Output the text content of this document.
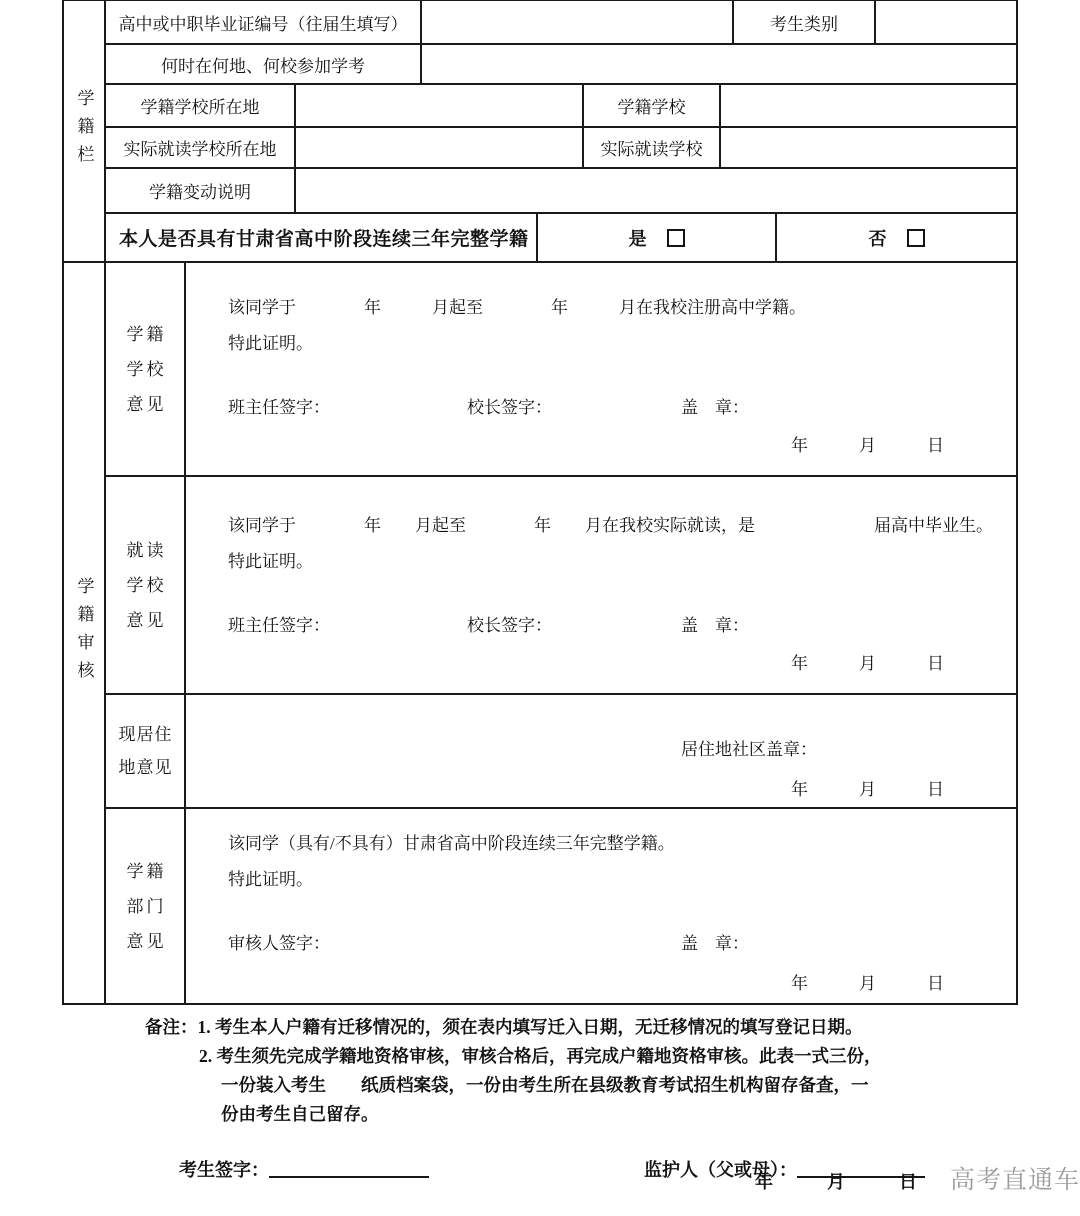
学籍栏
高中或中职毕业证编号（往届生填写）	考生类别
何时在何地、何校参加学考
学籍学校所在地	学籍学校
实际就读学校所在地	实际就读学校
学籍变动说明
本人是否具有甘肃省高中阶段连续三年完整学籍	是	否
学籍审核
学籍
学校
意见
该同学于　　　　年　　　月起至　　　　年　　　月在我校注册高中学籍。
特此证明。
班主任签字：	校长签字：	盖　章：
年　　　月　　　日
就读
学校
意见
该同学于　　　　年　　月起至　　　　年　　月在我校实际就读，是　　　　　　　届高中毕业生。
特此证明。
班主任签字：	校长签字：	盖　章：
年　　　月　　　日
现居住
地意见
居住地社区盖章：
年　　　月　　　日
学籍
部门
意见
该同学（具有/不具有）甘肃省高中阶段连续三年完整学籍。
特此证明。
审核人签字：	盖　章：
年　　　月　　　日
备注：1. 考生本人户籍有迁移情况的，须在表内填写迁入日期，无迁移情况的填写登记日期。
2. 考生须先完成学籍地资格审核，审核合格后，再完成户籍地资格审核。此表一式三份，
一份装入考生　　纸质档案袋，一份由考生所在县级教育考试招生机构留存备查，一
份由考生自己留存。

考生签字：
	监护人（父或母）：

年　　　月　　　日 高考直通车
